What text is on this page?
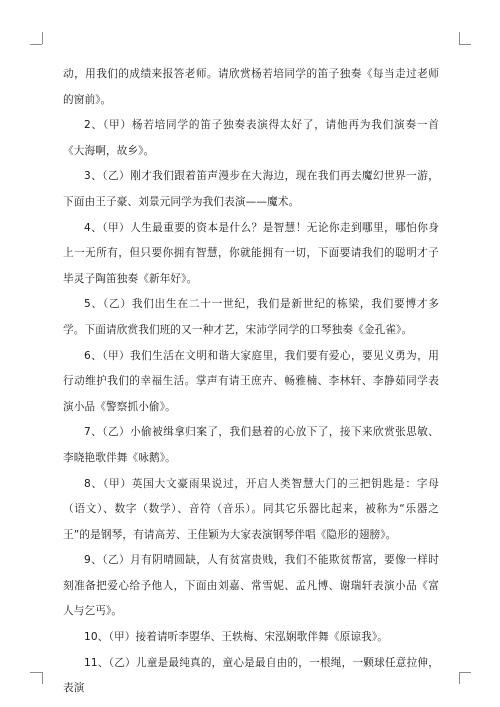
动，用我们的成绩来报答老师。请欣赏杨若培同学的笛子独奏《每当走过老师的窗前》。

2、（甲）杨若培同学的笛子独奏表演得太好了，请他再为我们演奏一首《大海啊，故乡》。

3、（乙）刚才我们跟着笛声漫步在大海边，现在我们再去魔幻世界一游，下面由王子豪、刘景元同学为我们表演——魔术。

4、（甲）人生最重要的资本是什么？是智慧！无论你走到哪里，哪怕你身上一无所有，但只要你拥有智慧，你就能拥有一切，下面要请我们的聪明才子毕灵子陶笛独奏《新年好》。

5、（乙）我们出生在二十一世纪，我们是新世纪的栋梁，我们要博才多学。下面请欣赏我们班的又一种才艺，宋沛学同学的口琴独奏《金孔雀》。

6、（甲）我们生活在文明和谐大家庭里，我们要有爱心，要见义勇为，用行动维护我们的幸福生活。掌声有请王庶卉、畅雅楠、李林轩、李静茹同学表演小品《警察抓小偷》。

7、（乙）小偷被缉拿归案了，我们悬着的心放下了，接下来欣赏张思敏、李晓艳歌伴舞《咏鹅》。

8、（甲）英国大文豪雨果说过，开启人类智慧大门的三把钥匙是：字母（语文）、数字（数学）、音符（音乐）。同其它乐器比起来，被称为“乐器之王”的是钢琴，有请高芳、王佳颖为大家表演钢琴伴唱《隐形的翅膀》。

9、（乙）月有阴晴圆缺，人有贫富贵贱，我们不能欺贫帮富，要像一样时刻准备把爱心给予他人，下面由刘嘉、常雪妮、孟凡博、谢瑞轩表演小品《富人与乞丐》。

10、（甲）接着请听李曌华、王轶梅、宋泓娴歌伴舞《原谅我》。

11、（乙）儿童是最纯真的，童心是最自由的，一根绳，一颗球任意拉伸，表演
